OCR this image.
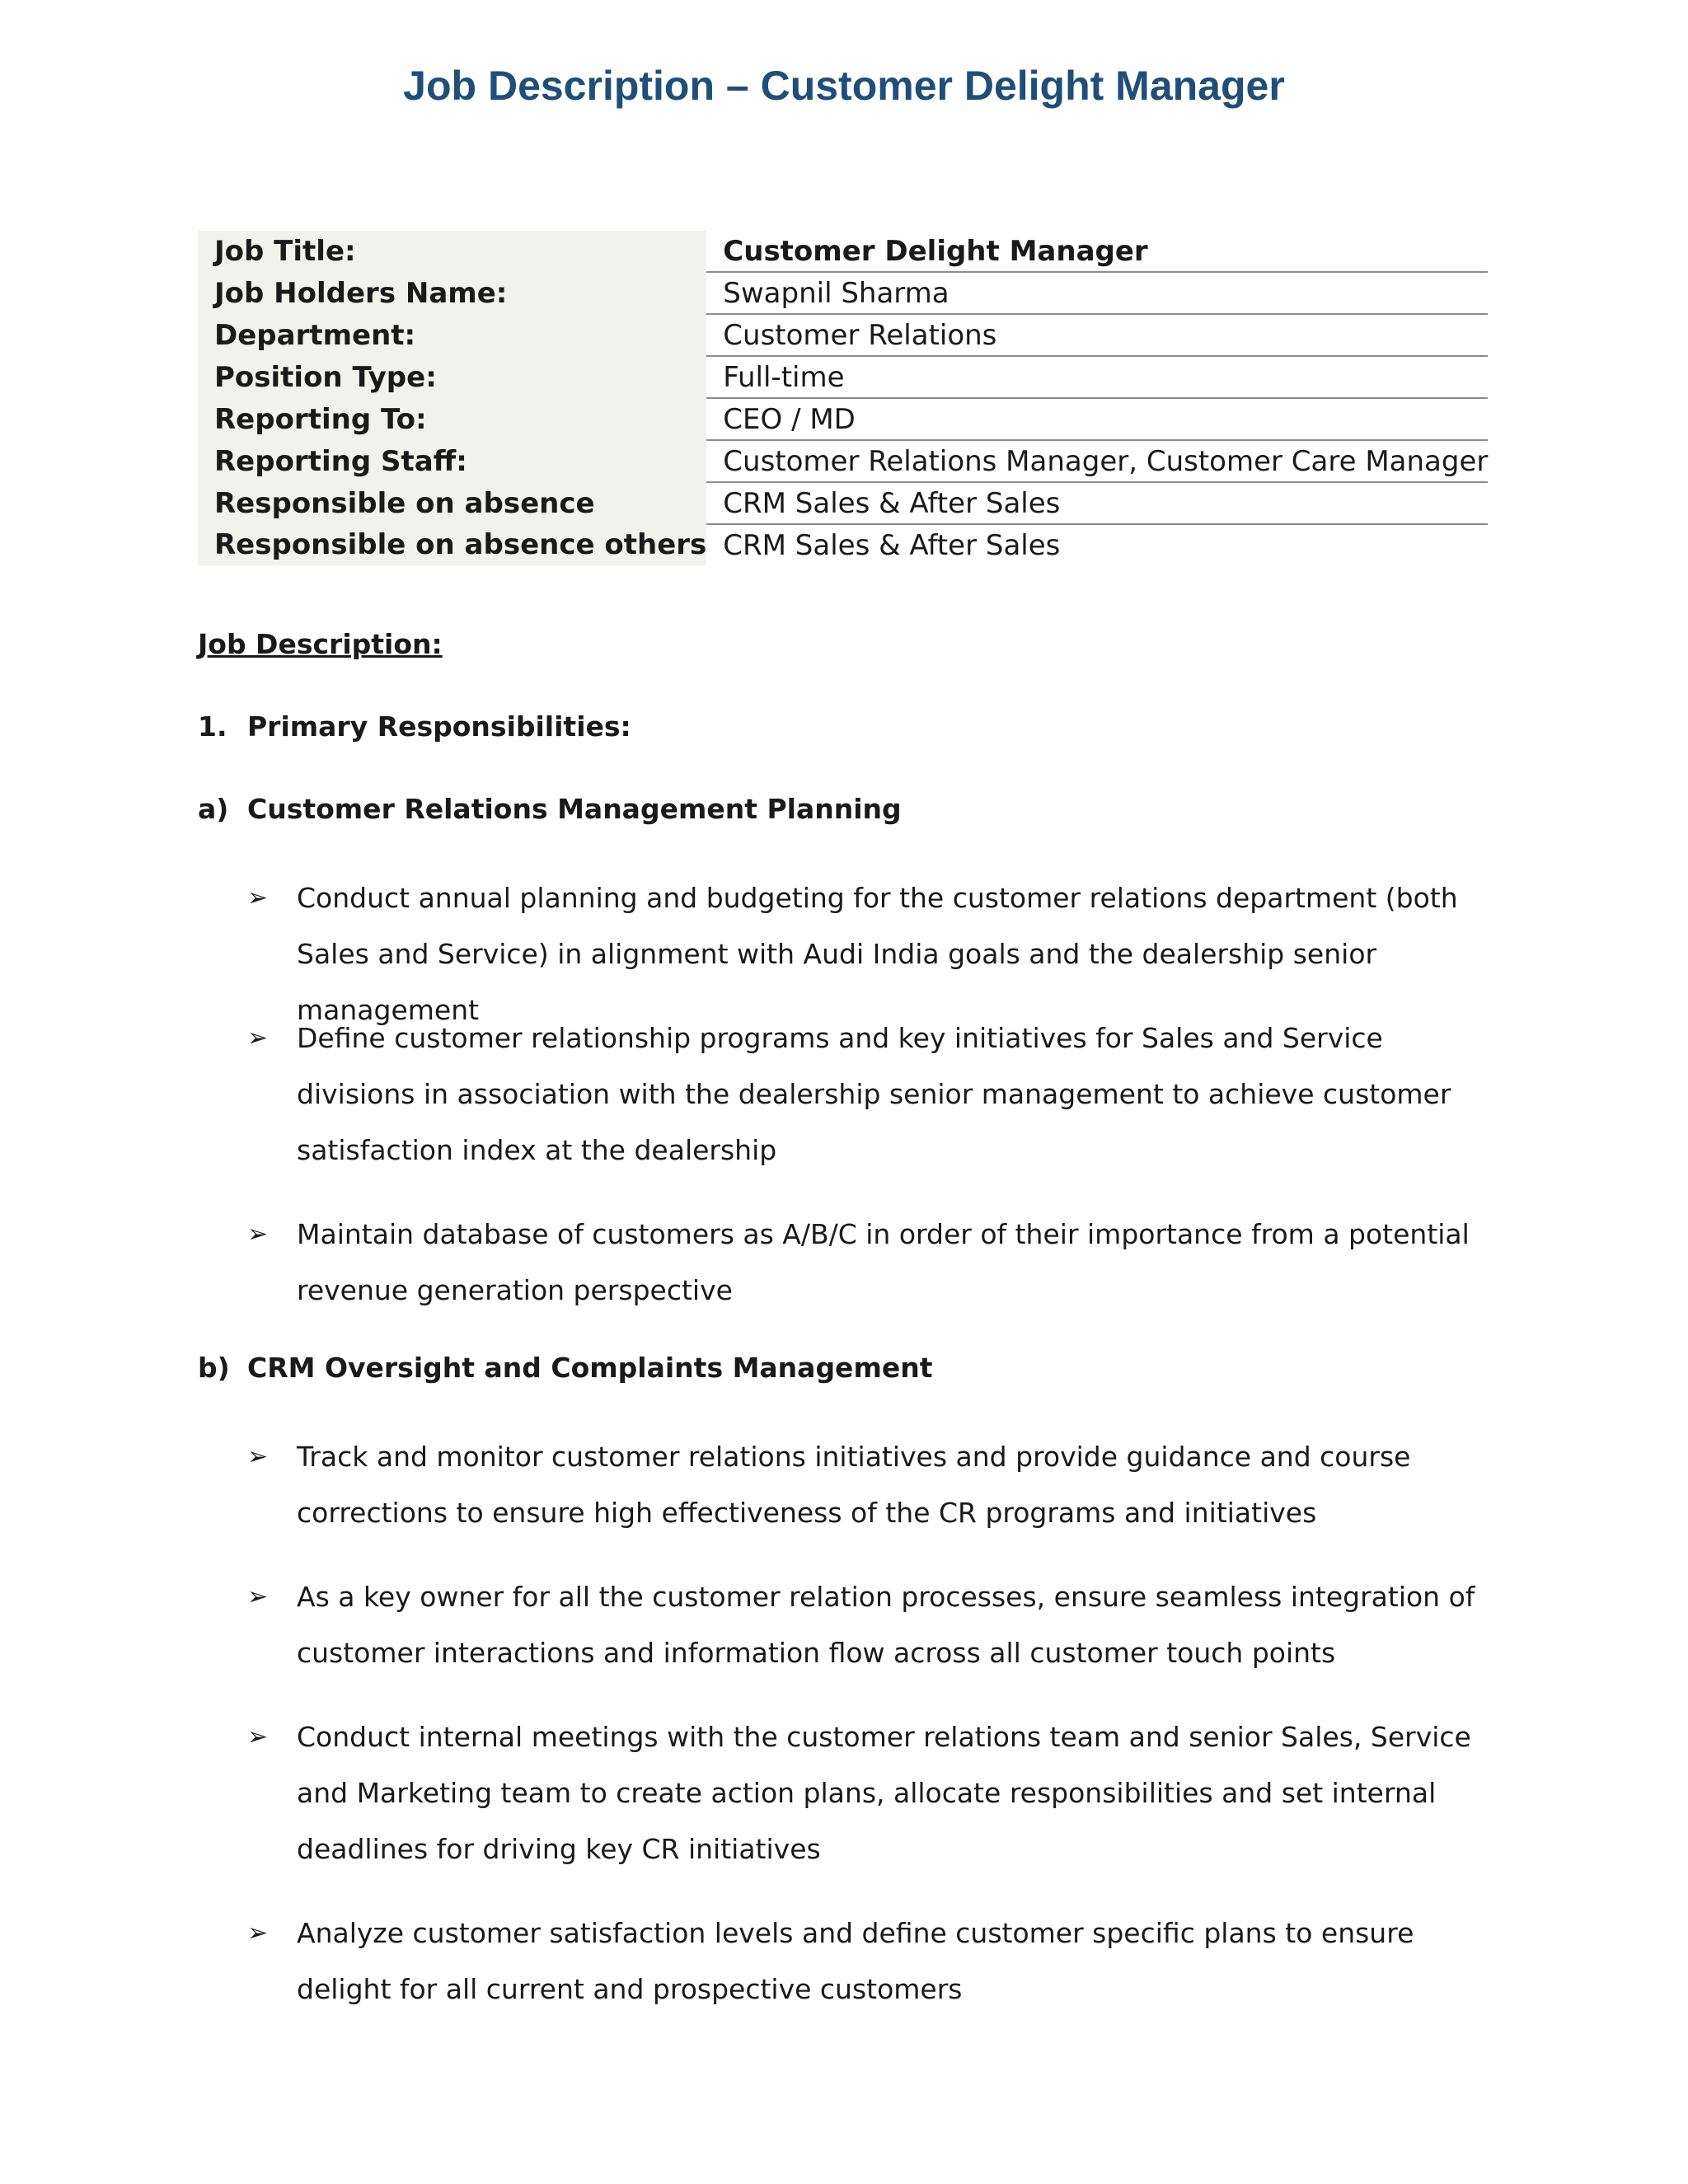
Job Description – Customer Delight Manager
Job Title:	Customer Delight Manager
Job Holders Name:	Swapnil Sharma
Department:	Customer Relations
Position Type:	Full-time
Reporting To:	CEO / MD
Reporting Staff:	Customer Relations Manager, Customer Care Manager
Responsible on absence	CRM Sales & After Sales
Responsible on absence others	CRM Sales & After Sales
Job Description:
1. Primary Responsibilities:
a) Customer Relations Management Planning
➢ Conduct annual planning and budgeting for the customer relations department (both Sales and Service) in alignment with Audi India goals and the dealership senior management
➢ Define customer relationship programs and key initiatives for Sales and Service divisions in association with the dealership senior management to achieve customer satisfaction index at the dealership
➢ Maintain database of customers as A/B/C in order of their importance from a potential revenue generation perspective
b) CRM Oversight and Complaints Management
➢ Track and monitor customer relations initiatives and provide guidance and course corrections to ensure high effectiveness of the CR programs and initiatives
➢ As a key owner for all the customer relation processes, ensure seamless integration of customer interactions and information flow across all customer touch points
➢ Conduct internal meetings with the customer relations team and senior Sales, Service and Marketing team to create action plans, allocate responsibilities and set internal deadlines for driving key CR initiatives
➢ Analyze customer satisfaction levels and define customer specific plans to ensure delight for all current and prospective customers
